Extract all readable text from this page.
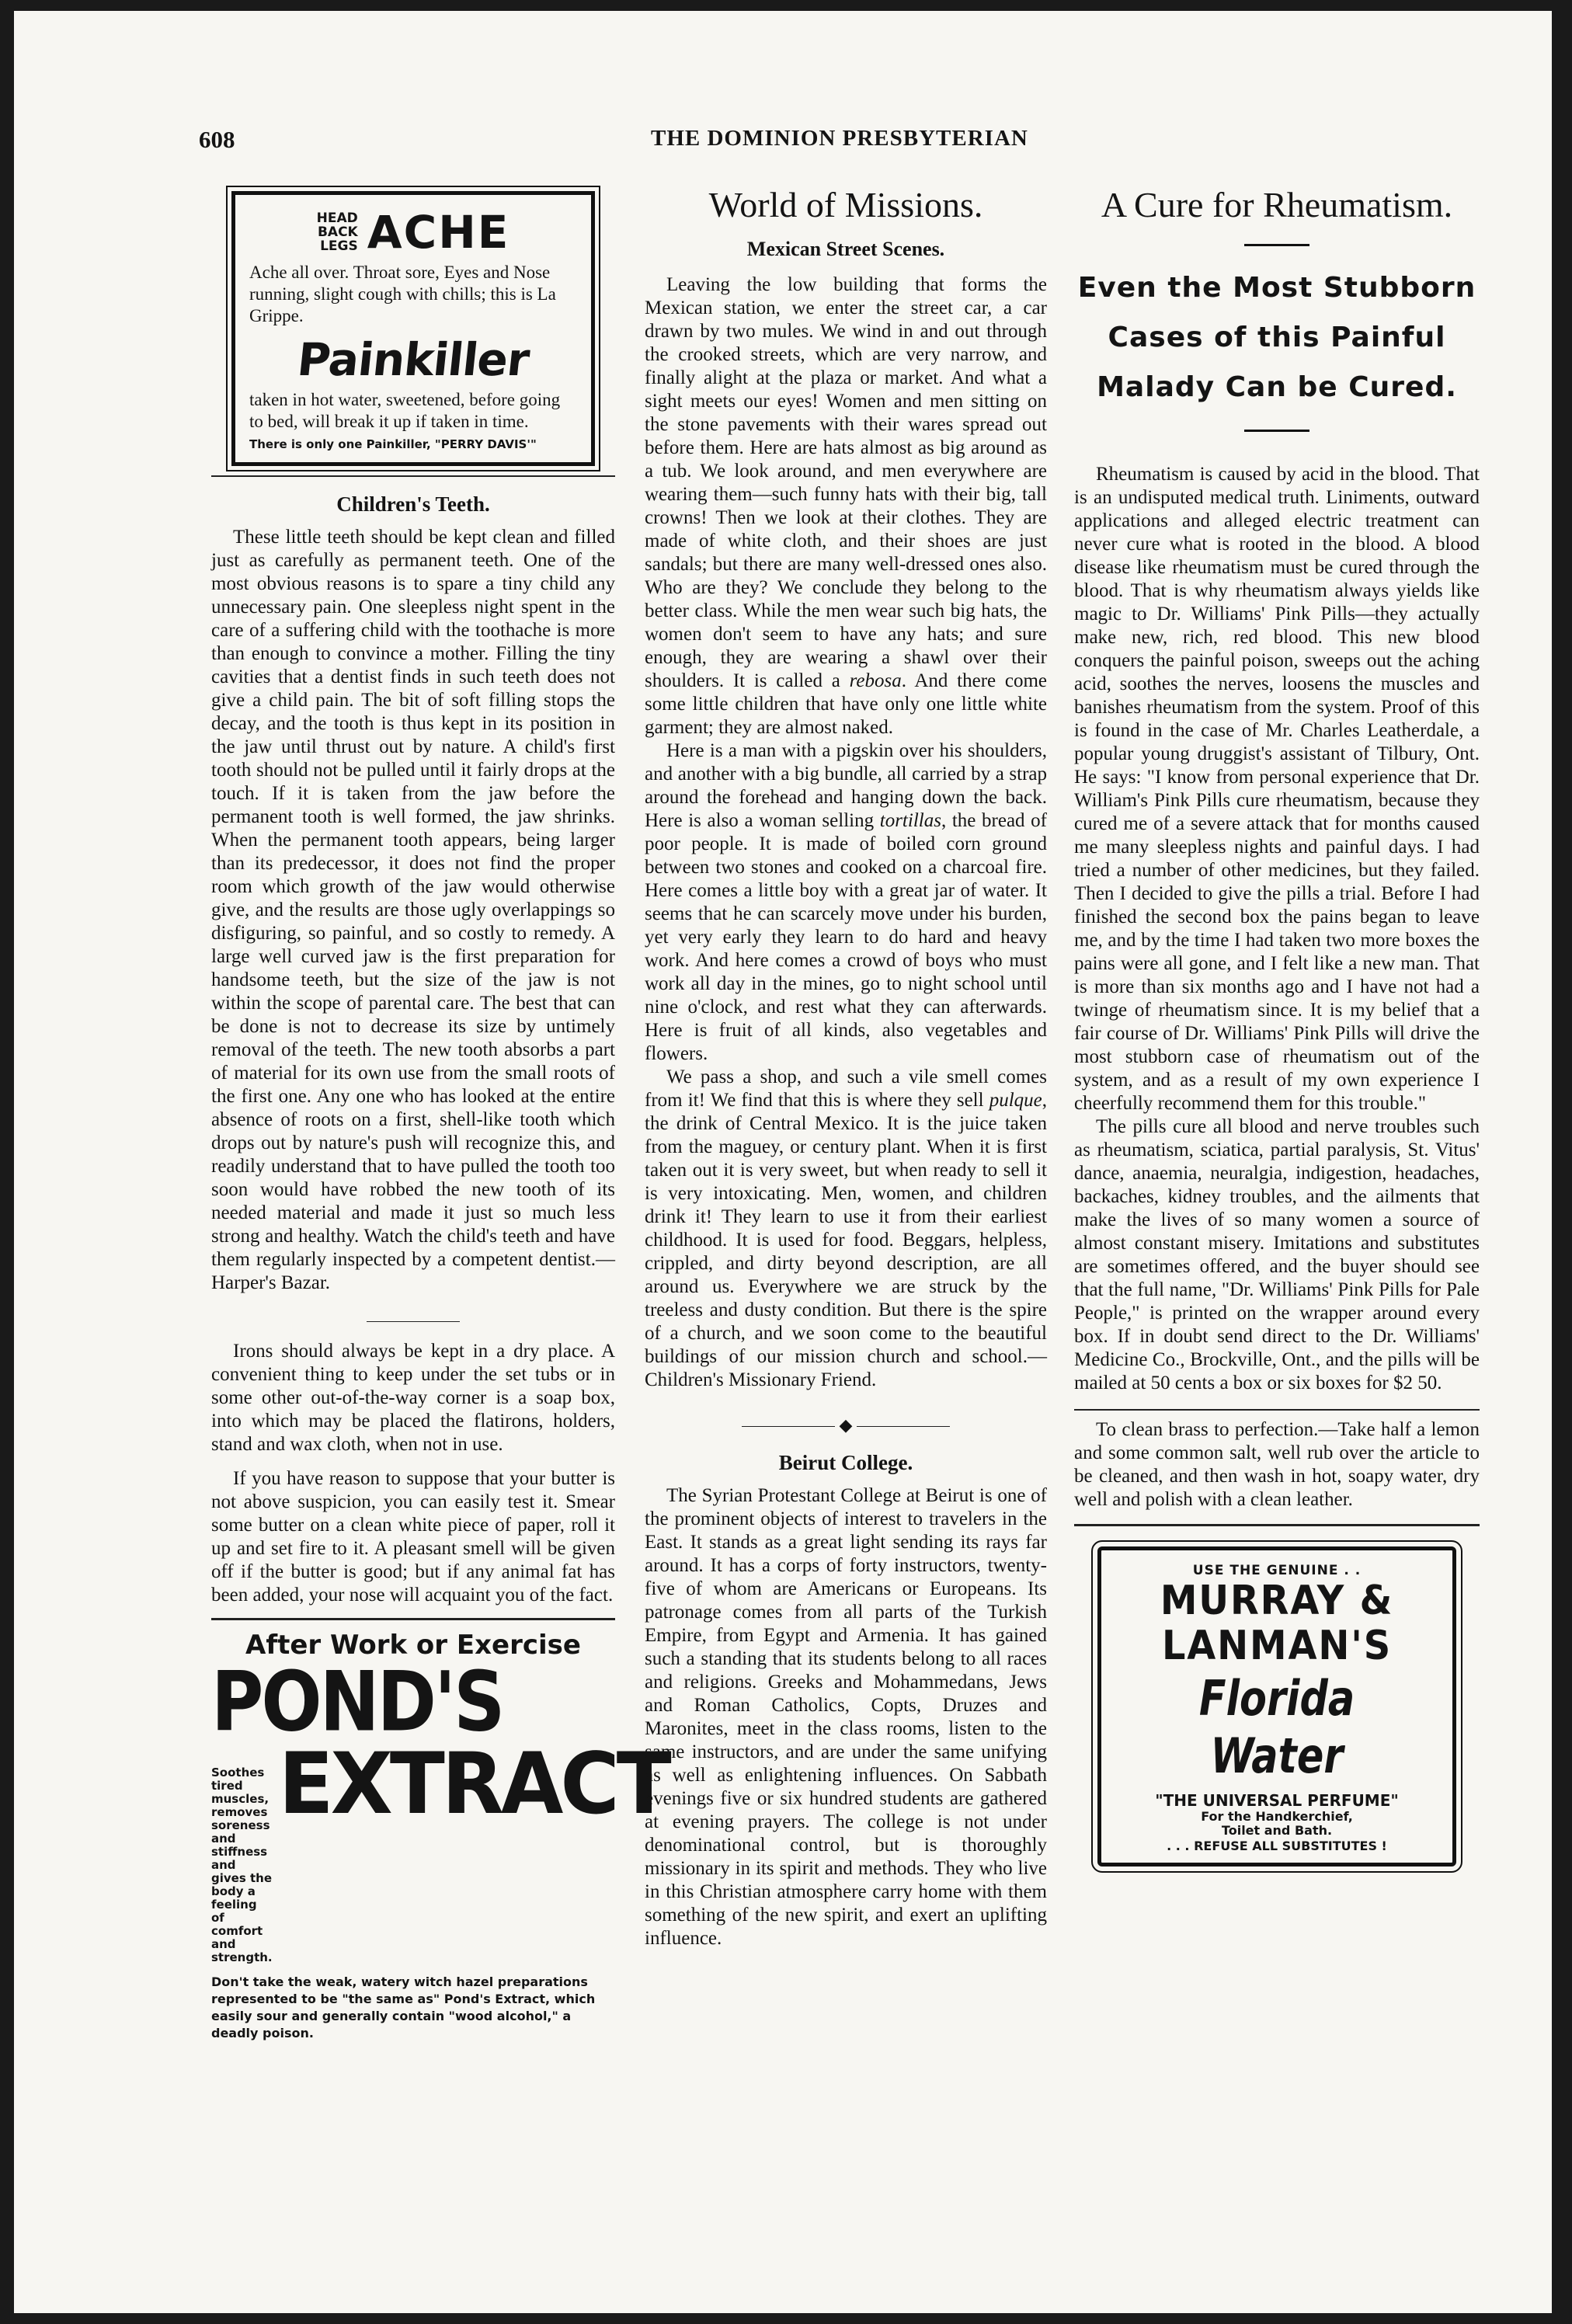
608	THE DOMINION PRESBYTERIAN
HEAD
BACK
LEGS ACHE
Ache all over. Throat sore, Eyes and Nose running, slight cough with chills; this is La Grippe.
Painkiller
taken in hot water, sweetened, before going to bed, will break it up if taken in time.
There is only one Painkiller, "PERRY DAVIS'"
Children's Teeth.

These little teeth should be kept clean and filled just as carefully as permanent teeth. One of the most obvious reasons is to spare a tiny child any unnecessary pain. One sleepless night spent in the care of a suffering child with the toothache is more than enough to convince a mother. Filling the tiny cavities that a dentist finds in such teeth does not give a child pain. The bit of soft filling stops the decay, and the tooth is thus kept in its position in the jaw until thrust out by nature. A child's first tooth should not be pulled until it fairly drops at the touch. If it is taken from the jaw before the permanent tooth is well formed, the jaw shrinks. When the permanent tooth appears, being larger than its predecessor, it does not find the proper room which growth of the jaw would otherwise give, and the results are those ugly overlappings so disfiguring, so painful, and so costly to remedy. A large well curved jaw is the first preparation for handsome teeth, but the size of the jaw is not within the scope of parental care. The best that can be done is not to decrease its size by untimely removal of the teeth. The new tooth absorbs a part of material for its own use from the small roots of the first one. Any one who has looked at the entire absence of roots on a first, shell-like tooth which drops out by nature's push will recognize this, and readily understand that to have pulled the tooth too soon would have robbed the new tooth of its needed material and made it just so much less strong and healthy. Watch the child's teeth and have them regularly inspected by a competent dentist.—Harper's Bazar.

Irons should always be kept in a dry place. A convenient thing to keep under the set tubs or in some other out-of-the-way corner is a soap box, into which may be placed the flatirons, holders, stand and wax cloth, when not in use.

If you have reason to suppose that your butter is not above suspicion, you can easily test it. Smear some butter on a clean white piece of paper, roll it up and set fire to it. A pleasant smell will be given off if the butter is good; but if any animal fat has been added, your nose will acquaint you of the fact.

After Work or Exercise
POND'S
Soothes tired muscles, removes soreness and stiffness and gives the body a feeling of comfort and strength.
EXTRACT
Don't take the weak, watery witch hazel preparations represented to be "the same as" Pond's Extract, which easily sour and generally contain "wood alcohol," a deadly poison.
World of Missions.
Mexican Street Scenes.

Leaving the low building that forms the Mexican station, we enter the street car, a car drawn by two mules. We wind in and out through the crooked streets, which are very narrow, and finally alight at the plaza or market. And what a sight meets our eyes! Women and men sitting on the stone pavements with their wares spread out before them. Here are hats almost as big around as a tub. We look around, and men everywhere are wearing them—such funny hats with their big, tall crowns! Then we look at their clothes. They are made of white cloth, and their shoes are just sandals; but there are many well-dressed ones also. Who are they? We conclude they belong to the better class. While the men wear such big hats, the women don't seem to have any hats; and sure enough, they are wearing a shawl over their shoulders. It is called a rebosa. And there come some little children that have only one little white garment; they are almost naked.

Here is a man with a pigskin over his shoulders, and another with a big bundle, all carried by a strap around the forehead and hanging down the back. Here is also a woman selling tortillas, the bread of poor people. It is made of boiled corn ground between two stones and cooked on a charcoal fire. Here comes a little boy with a great jar of water. It seems that he can scarcely move under his burden, yet very early they learn to do hard and heavy work. And here comes a crowd of boys who must work all day in the mines, go to night school until nine o'clock, and rest what they can afterwards. Here is fruit of all kinds, also vegetables and flowers.

We pass a shop, and such a vile smell comes from it! We find that this is where they sell pulque, the drink of Central Mexico. It is the juice taken from the maguey, or century plant. When it is first taken out it is very sweet, but when ready to sell it is very intoxicating. Men, women, and children drink it! They learn to use it from their earliest childhood. It is used for food. Beggars, helpless, crippled, and dirty beyond description, are all around us. Everywhere we are struck by the treeless and dusty condition. But there is the spire of a church, and we soon come to the beautiful buildings of our mission church and school.—Children's Missionary Friend.

◆
Beirut College.

The Syrian Protestant College at Beirut is one of the prominent objects of interest to travelers in the East. It stands as a great light sending its rays far around. It has a corps of forty instructors, twenty-five of whom are Americans or Europeans. Its patronage comes from all parts of the Turkish Empire, from Egypt and Armenia. It has gained such a standing that its students belong to all races and religions. Greeks and Mohammedans, Jews and Roman Catholics, Copts, Druzes and Maronites, meet in the class rooms, listen to the same instructors, and are under the same unifying as well as enlightening influences. On Sabbath evenings five or six hundred students are gathered at evening prayers. The college is not under denominational control, but is thoroughly missionary in its spirit and methods. They who live in this Christian atmosphere carry home with them something of the new spirit, and exert an uplifting influence.

A Cure for Rheumatism.
Even the Most Stubborn
Cases of this Painful
Malady Can be Cured.

Rheumatism is caused by acid in the blood. That is an undisputed medical truth. Liniments, outward applications and alleged electric treatment can never cure what is rooted in the blood. A blood disease like rheumatism must be cured through the blood. That is why rheumatism always yields like magic to Dr. Williams' Pink Pills—they actually make new, rich, red blood. This new blood conquers the painful poison, sweeps out the aching acid, soothes the nerves, loosens the muscles and banishes rheumatism from the system. Proof of this is found in the case of Mr. Charles Leatherdale, a popular young druggist's assistant of Tilbury, Ont. He says: "I know from personal experience that Dr. William's Pink Pills cure rheumatism, because they cured me of a severe attack that for months caused me many sleepless nights and painful days. I had tried a number of other medicines, but they failed. Then I decided to give the pills a trial. Before I had finished the second box the pains began to leave me, and by the time I had taken two more boxes the pains were all gone, and I felt like a new man. That is more than six months ago and I have not had a twinge of rheumatism since. It is my belief that a fair course of Dr. Williams' Pink Pills will drive the most stubborn case of rheumatism out of the system, and as a result of my own experience I cheerfully recommend them for this trouble."

The pills cure all blood and nerve troubles such as rheumatism, sciatica, partial paralysis, St. Vitus' dance, anaemia, neuralgia, indigestion, headaches, backaches, kidney troubles, and the ailments that make the lives of so many women a source of almost constant misery. Imitations and substitutes are sometimes offered, and the buyer should see that the full name, "Dr. Williams' Pink Pills for Pale People," is printed on the wrapper around every box. If in doubt send direct to the Dr. Williams' Medicine Co., Brockville, Ont., and the pills will be mailed at 50 cents a box or six boxes for $2 50.

To clean brass to perfection.—Take half a lemon and some common salt, well rub over the article to be cleaned, and then wash in hot, soapy water, dry well and polish with a clean leather.

USE THE GENUINE . .
MURRAY &
LANMAN'S
Florida Water
"THE UNIVERSAL PERFUME"
For the Handkerchief,
Toilet and Bath.
. . . REFUSE ALL SUBSTITUTES !
